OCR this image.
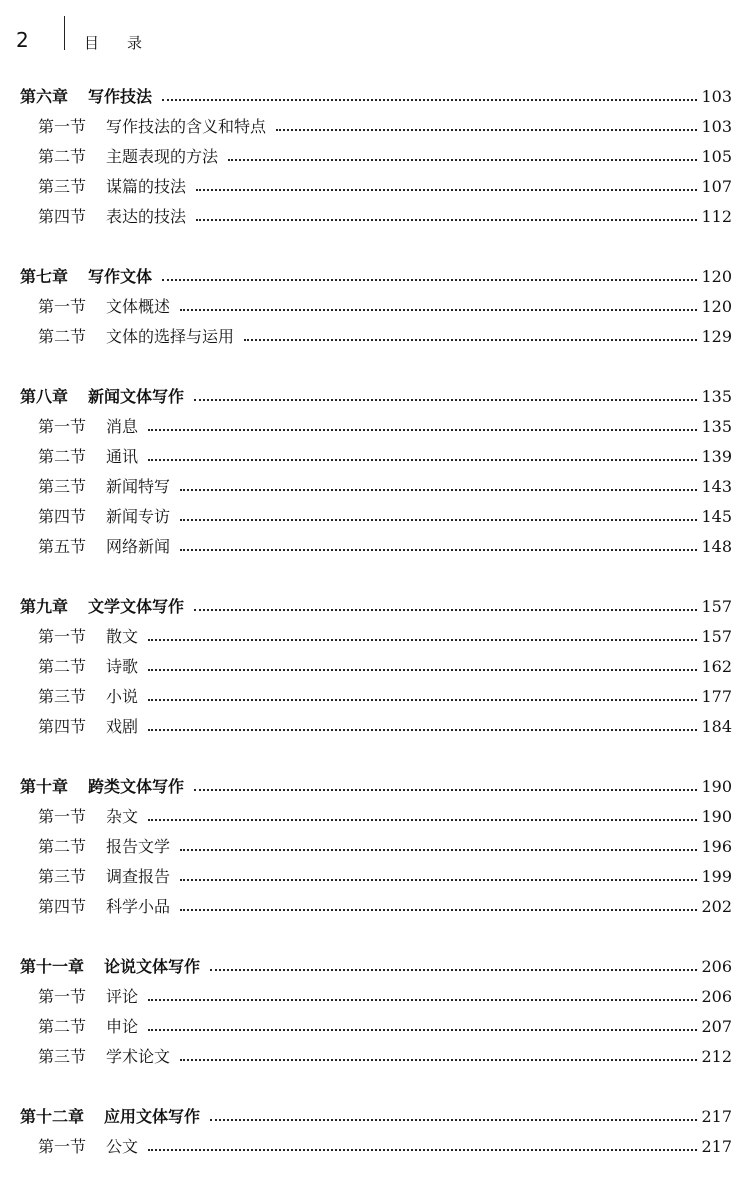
2	目录
第六章 写作技法	103
第一节 写作技法的含义和特点	103
第二节 主题表现的方法	105
第三节 谋篇的技法	107
第四节 表达的技法	112
第七章 写作文体	120
第一节 文体概述	120
第二节 文体的选择与运用	129
第八章 新闻文体写作	135
第一节 消息	135
第二节 通讯	139
第三节 新闻特写	143
第四节 新闻专访	145
第五节 网络新闻	148
第九章 文学文体写作	157
第一节 散文	157
第二节 诗歌	162
第三节 小说	177
第四节 戏剧	184
第十章 跨类文体写作	190
第一节 杂文	190
第二节 报告文学	196
第三节 调查报告	199
第四节 科学小品	202
第十一章 论说文体写作	206
第一节 评论	206
第二节 申论	207
第三节 学术论文	212
第十二章 应用文体写作	217
第一节 公文	217
